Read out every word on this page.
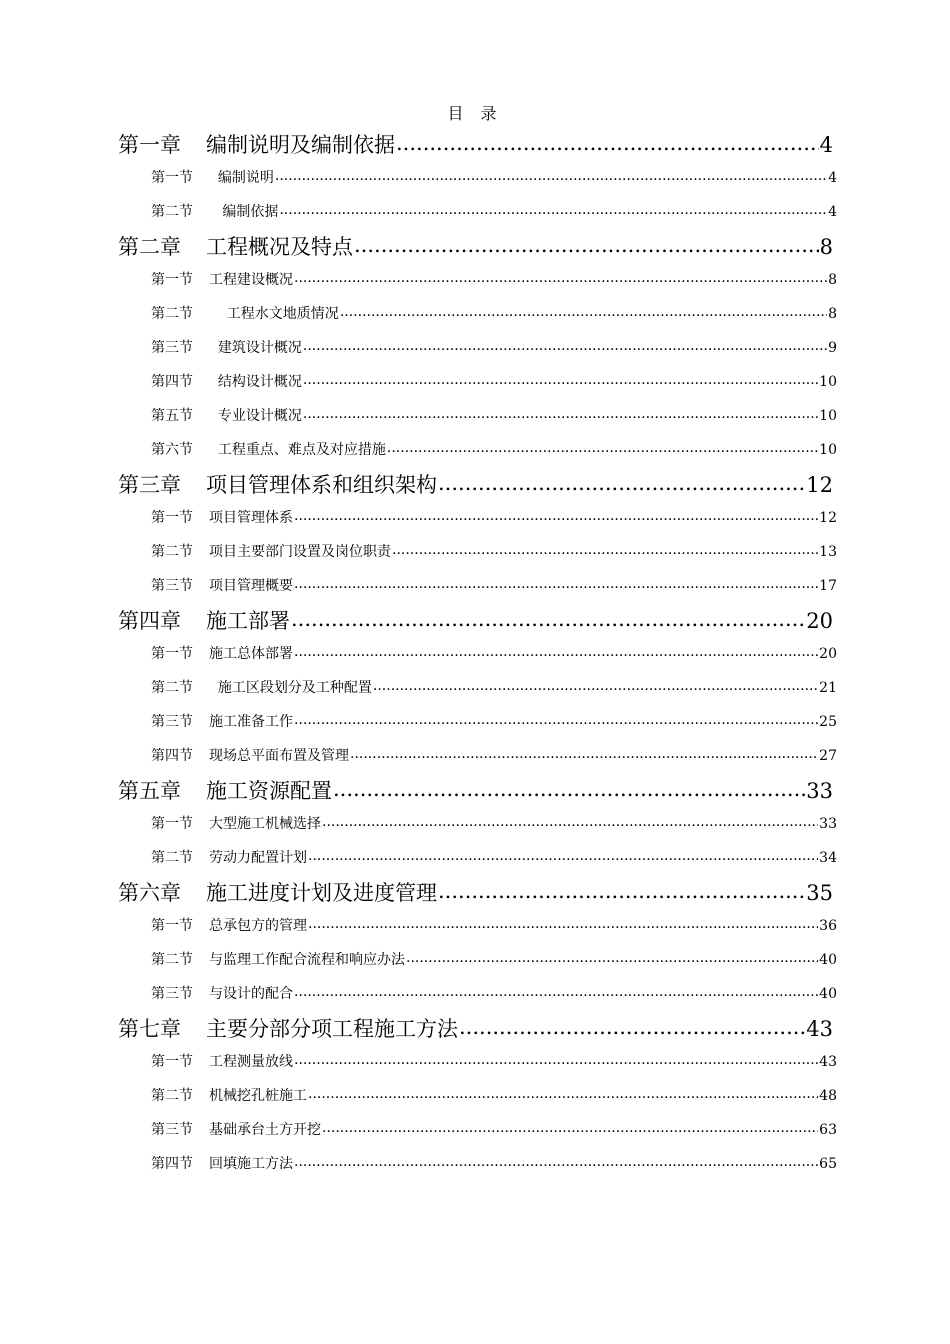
目 录
第一章 编制说明及编制依据 .....	4
第一节  编制说明 .....	4
第二节   编制依据 .....	4
第二章 工程概况及特点 .....	8
第一节 工程建设概况 .....	8
第二节    工程水文地质情况 .....	8
第三节  建筑设计概况 .....	9
第四节  结构设计概况 .....	10
第五节  专业设计概况 .....	10
第六节  工程重点、难点及对应措施 .....	10
第三章 项目管理体系和组织架构 .....	12
第一节 项目管理体系 .....	12
第二节 项目主要部门设置及岗位职责 .....	13
第三节 项目管理概要 .....	17
第四章 施工部署 .....	20
第一节 施工总体部署 .....	20
第二节  施工区段划分及工种配置 .....	21
第三节 施工准备工作 .....	25
第四节 现场总平面布置及管理 .....	27
第五章 施工资源配置 .....	33
第一节 大型施工机械选择 .....	33
第二节 劳动力配置计划 .....	34
第六章 施工进度计划及进度管理 .....	35
第一节 总承包方的管理 .....	36
第二节 与监理工作配合流程和响应办法 .....	40
第三节 与设计的配合 .....	40
第七章 主要分部分项工程施工方法 .....	43
第一节 工程测量放线 .....	43
第二节 机械挖孔桩施工 .....	48
第三节 基础承台土方开挖 .....	63
第四节 回填施工方法 .....	65
